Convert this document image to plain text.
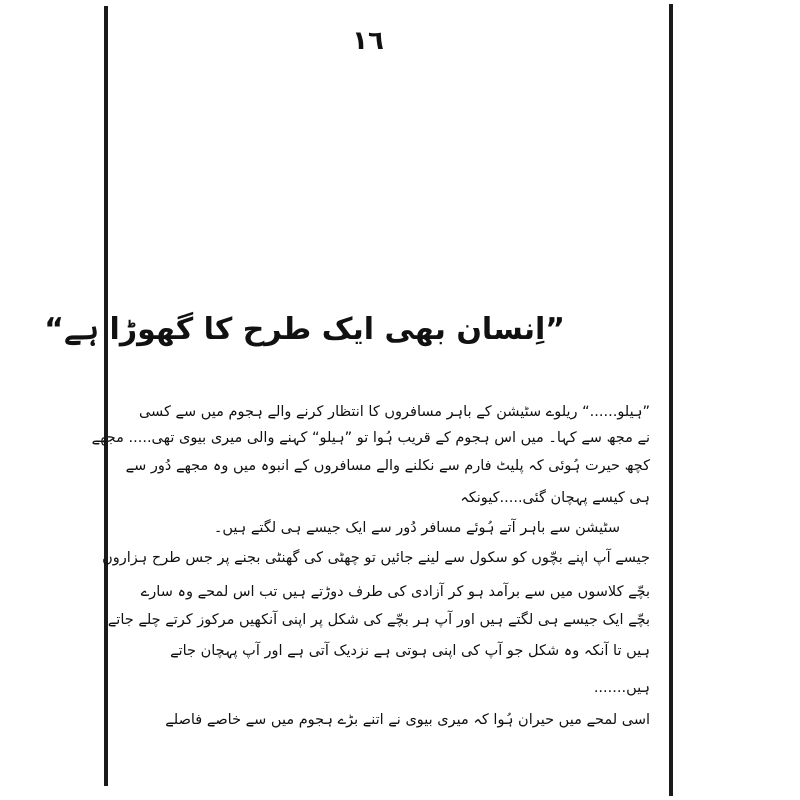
١٦
”اِنسان بھی ایک طرح کا گھوڑا ہے“
”ہیلو......“ ریلوے سٹیشن کے باہر مسافروں کا انتظار کرنے والے ہجوم میں سے کسی
نے مجھ سے کہا۔ میں اس ہجوم کے قریب ہُوا تو ”ہیلو“ کہنے والی میری بیوی تھی..... مجھے
کچھ حیرت ہُوئی کہ پلیٹ فارم سے نکلنے والے مسافروں کے انبوہ میں وہ مجھے دُور سے
ہی کیسے پہچان گئی.....کیونکہ
سٹیشن سے باہر آتے ہُوئے مسافر دُور سے ایک جیسے ہی لگتے ہیں۔
جیسے آپ اپنے بچّوں کو سکول سے لینے جائیں تو چھٹی کی گھنٹی بجنے پر جس طرح ہزاروں
بچّے کلاسوں میں سے برآمد ہو کر آزادی کی طرف دوڑتے ہیں تب اس لمحے وہ سارے
بچّے ایک جیسے ہی لگتے ہیں اور آپ ہر بچّے کی شکل پر اپنی آنکھیں مرکوز کرتے چلے جاتے
ہیں تا آنکہ وہ شکل جو آپ کی اپنی ہوتی ہے نزدیک آتی ہے اور آپ پہچان جاتے
ہیں.......
اسی لمحے میں حیران ہُوا کہ میری بیوی نے اتنے بڑے ہجوم میں سے خاصے فاصلے
